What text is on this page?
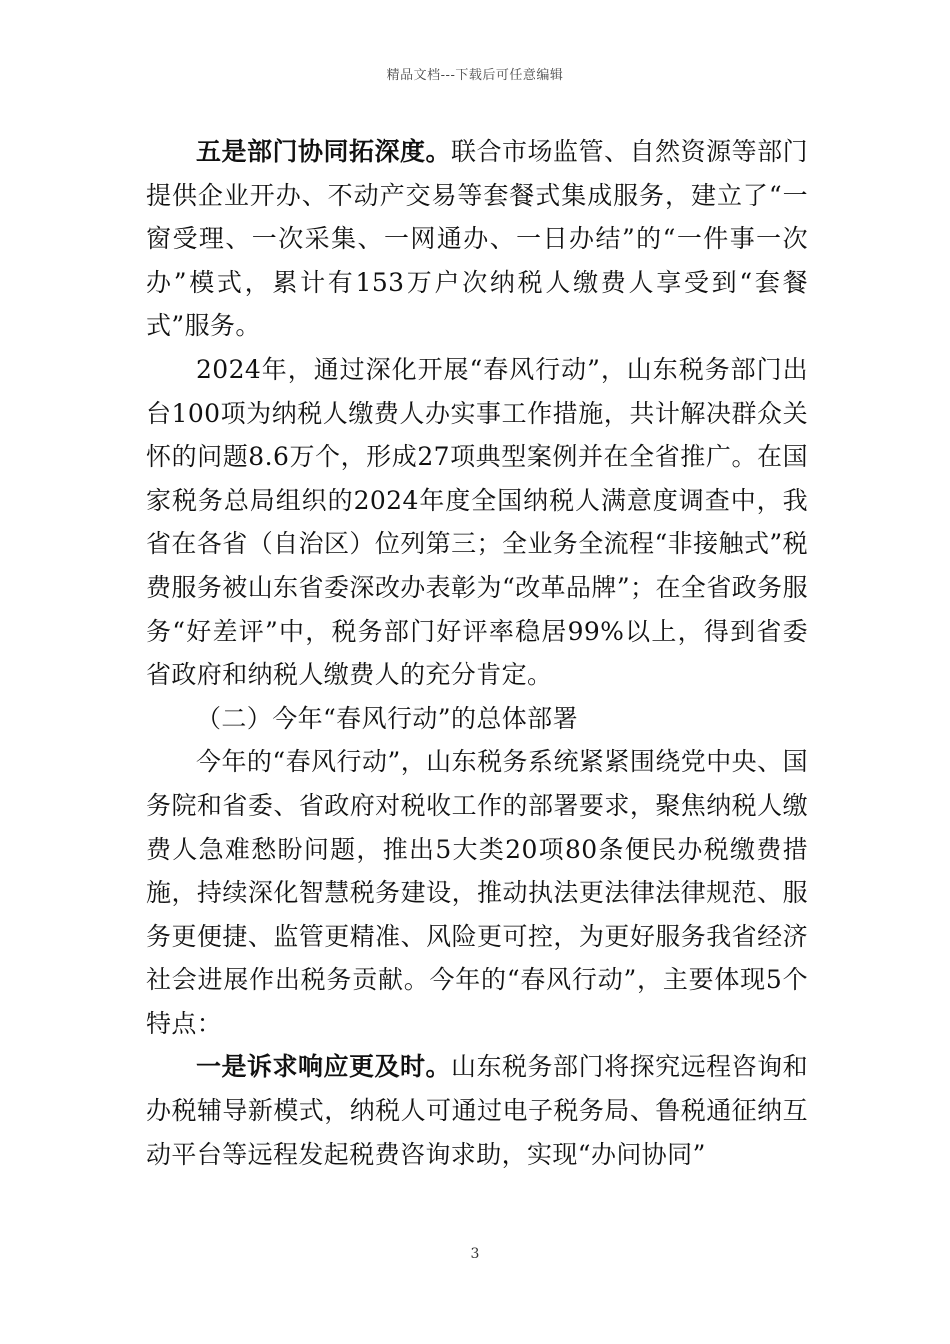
精品文档---下载后可任意编辑

五是部门协同拓深度。联合市场监管、自然资源等部门提供企业开办、不动产交易等套餐式集成服务，建立了“一窗受理、一次采集、一网通办、一日办结”的“一件事一次办”模式，累计有153万户次纳税人缴费人享受到“套餐式”服务。

2024年，通过深化开展“春风行动”，山东税务部门出台100项为纳税人缴费人办实事工作措施，共计解决群众关怀的问题8.6万个，形成27项典型案例并在全省推广。在国家税务总局组织的2024年度全国纳税人满意度调查中，我省在各省（自治区）位列第三；全业务全流程“非接触式”税费服务被山东省委深改办表彰为“改革品牌”；在全省政务服务“好差评”中，税务部门好评率稳居99%以上，得到省委省政府和纳税人缴费人的充分肯定。

（二）今年“春风行动”的总体部署

今年的“春风行动”，山东税务系统紧紧围绕党中央、国务院和省委、省政府对税收工作的部署要求，聚焦纳税人缴费人急难愁盼问题，推出5大类20项80条便民办税缴费措施，持续深化智慧税务建设，推动执法更法律法律规范、服务更便捷、监管更精准、风险更可控，为更好服务我省经济社会进展作出税务贡献。今年的“春风行动”，主要体现5个特点：

一是诉求响应更及时。山东税务部门将探究远程咨询和办税辅导新模式，纳税人可通过电子税务局、鲁税通征纳互动平台等远程发起税费咨询求助，实现“办问协同”

3
